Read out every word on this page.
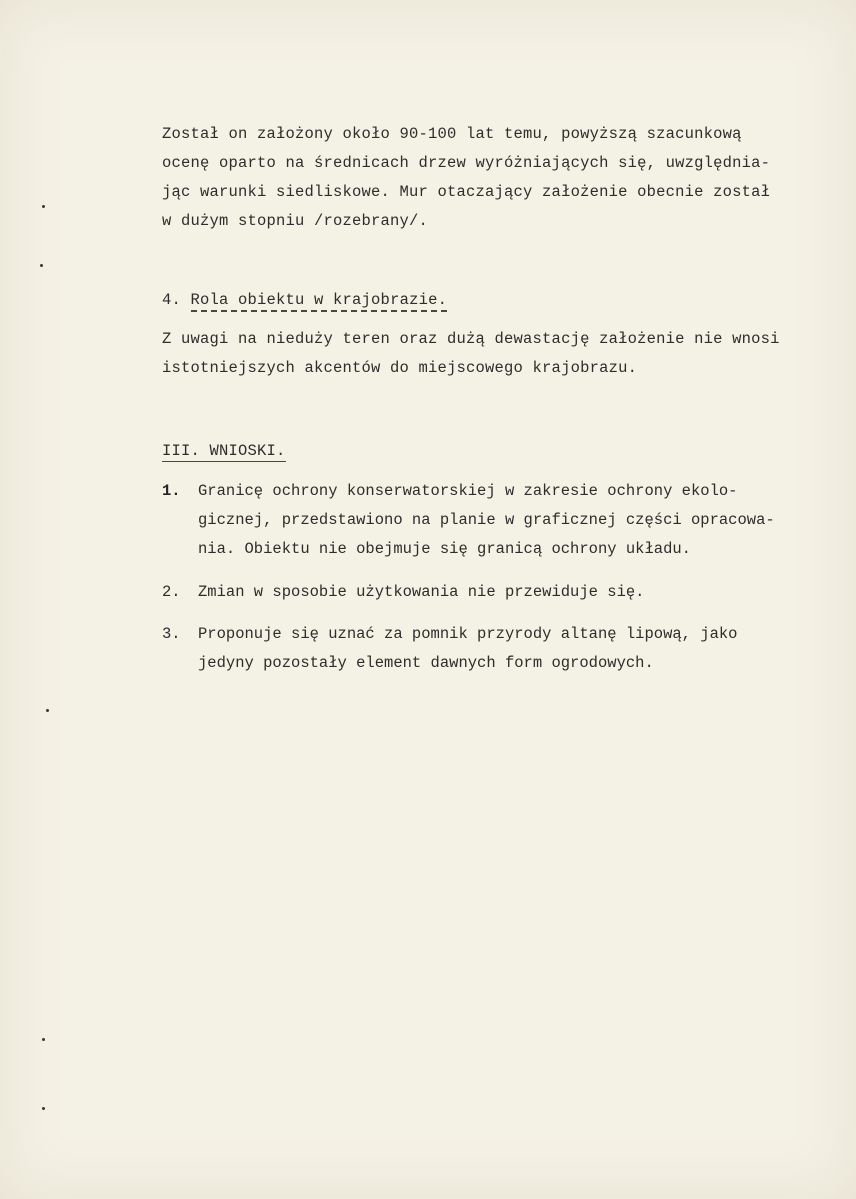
Został on założony około 90-100 lat temu, powyższą szacunkową
ocenę oparto na średnicach drzew wyróżniających się, uwzględnia-
jąc warunki siedliskowe. Mur otaczający założenie obecnie został
w dużym stopniu /rozebrany/.
4. Rola obiektu w krajobrazie.
Z uwagi na nieduży teren oraz dużą dewastację założenie nie wnosi
istotniejszych akcentów do miejscowego krajobrazu.
III. WNIOSKI.
1. Granicę ochrony konserwatorskiej w zakresie ochrony ekolo-
gicznej, przedstawiono na planie w graficznej części opracowa-
nia. Obiektu nie obejmuje się granicą ochrony układu.
2. Zmian w sposobie użytkowania nie przewiduje się.
3. Proponuje się uznać za pomnik przyrody altanę lipową, jako
jedyny pozostały element dawnych form ogrodowych.
